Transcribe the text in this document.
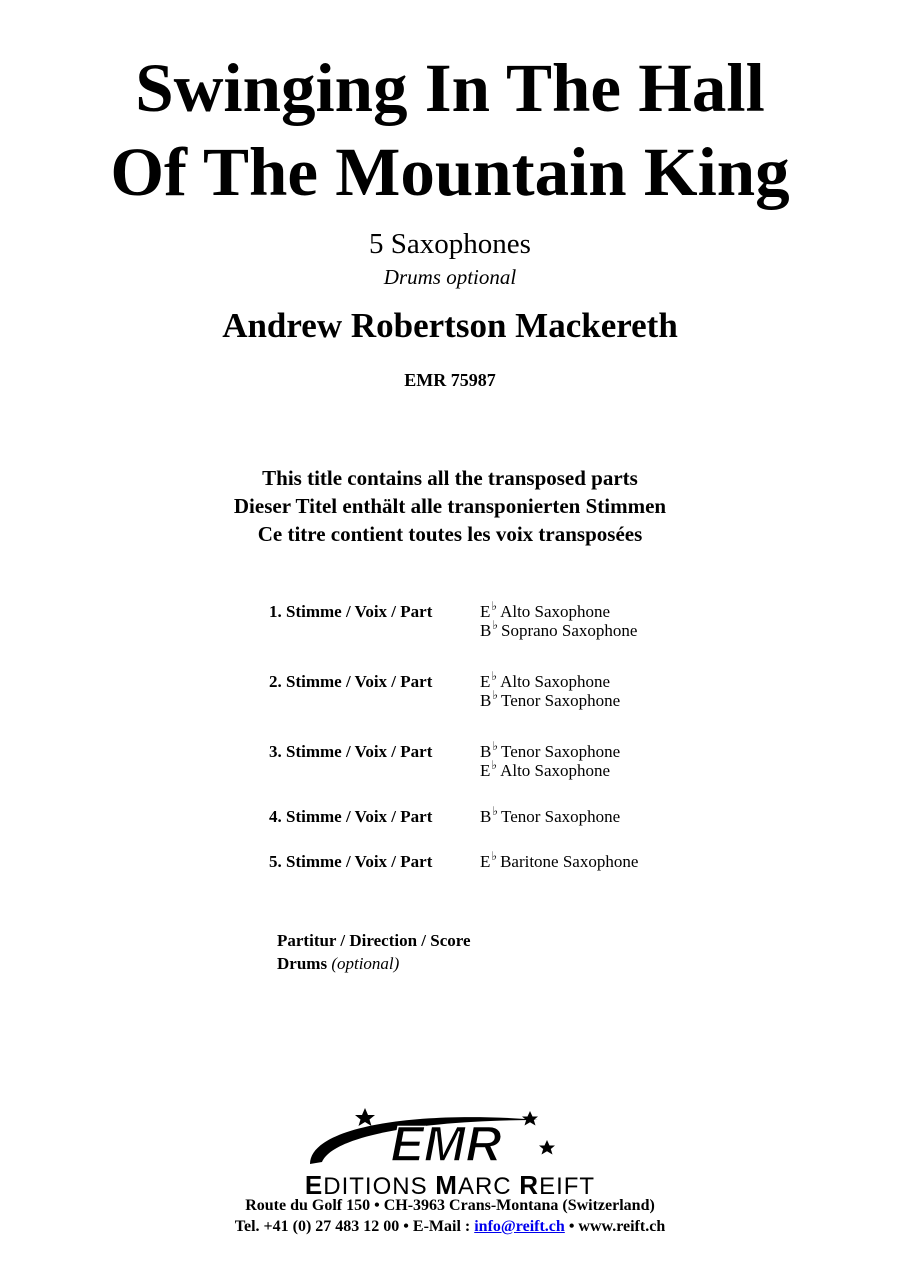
Swinging In The Hall
Of The Mountain King
5 Saxophones
Drums optional
Andrew Robertson Mackereth
EMR 75987
This title contains all the transposed parts
Dieser Titel enthält alle transponierten Stimmen
Ce titre contient toutes les voix transposées
1. Stimme / Voix / Part	E♭ Alto Saxophone
B♭ Soprano Saxophone
2. Stimme / Voix / Part	E♭ Alto Saxophone
B♭ Tenor Saxophone
3. Stimme / Voix / Part	B♭ Tenor Saxophone
E♭ Alto Saxophone
4. Stimme / Voix / Part	B♭ Tenor Saxophone
5. Stimme / Voix / Part	E♭ Baritone Saxophone
Partitur / Direction / Score
Drums (optional)
EMR
EDITIONS MARC REIFT
Route du Golf 150 • CH-3963 Crans-Montana (Switzerland)
Tel. +41 (0) 27 483 12 00 • E-Mail : info@reift.ch • www.reift.ch
